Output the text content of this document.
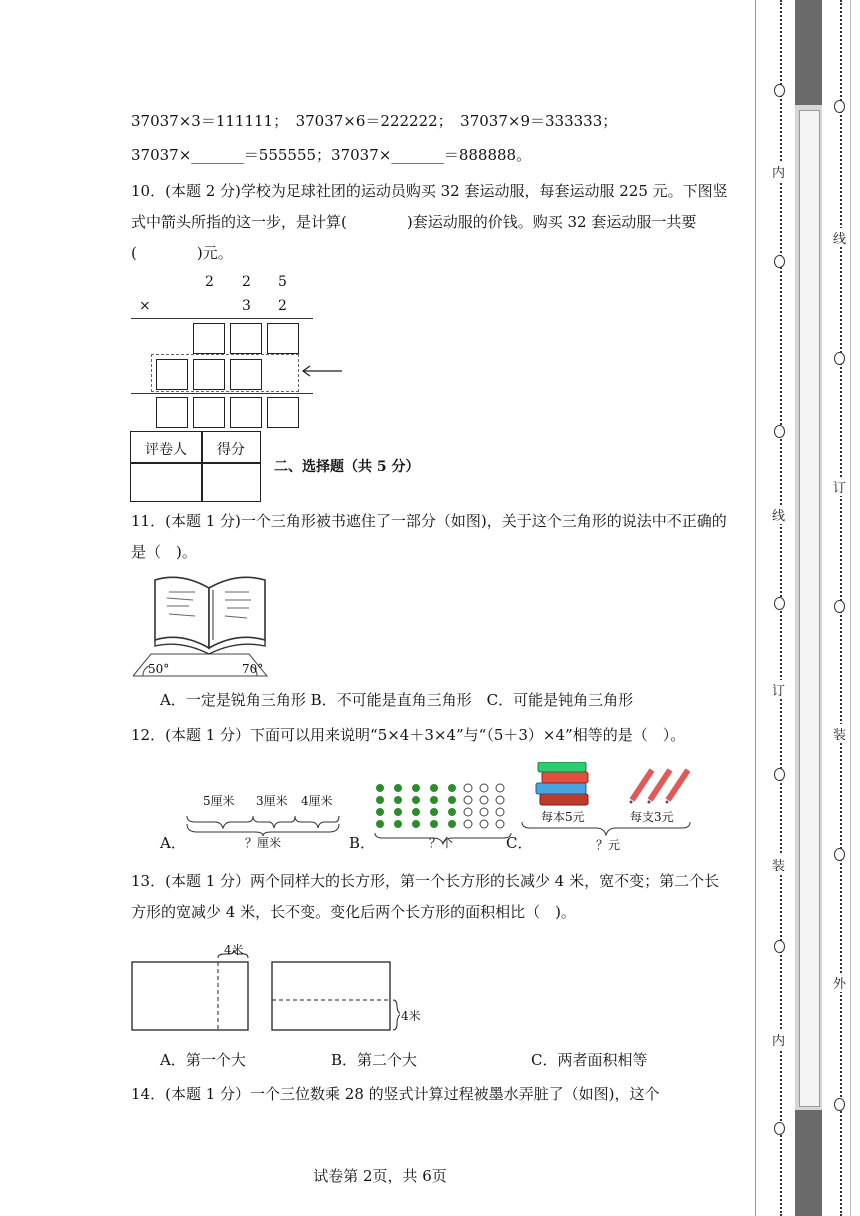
37037×3＝111111；　37037×6＝222222；　37037×9＝333333；
37037×_______＝555555；37037×_______＝888888。
10．(本题 2 分)学校为足球社团的运动员购买 32 套运动服，每套运动服 225 元。下图竖式中箭头所指的这一步，是计算(　　　　)套运动服的价钱。购买 32 套运动服一共要(　　　　)元。
2 2 5
×	3 2
评卷人 得分
二、选择题（共 5 分）
11．(本题 1 分)一个三角形被书遮住了一部分（如图)，关于这个三角形的说法中不正确的是（　)。
50°	70°
A．一定是锐角三角形 B．不可能是直角三角形　C．可能是钝角三角形
12．(本题 1 分）下面可以用来说明“5×4＋3×4”与“（5＋3）×4”相等的是（　）。
A．
5厘米 3厘米 4厘米
？厘米	B．	？个	C．
每本5元	每支3元
？元
13．(本题 1 分）两个同样大的长方形，第一个长方形的长减少 4 米，宽不变；第二个长方形的宽减少 4 米，长不变。变化后两个长方形的面积相比（　)。
4米
4米
A．第一个大	B．第二个大	C．两者面积相等
14．(本题 1 分）一个三位数乘 28 的竖式计算过程被墨水弄脏了（如图)，这个
试卷第 2页，共 6页
内
线
装
订
内
线
订
装
外
